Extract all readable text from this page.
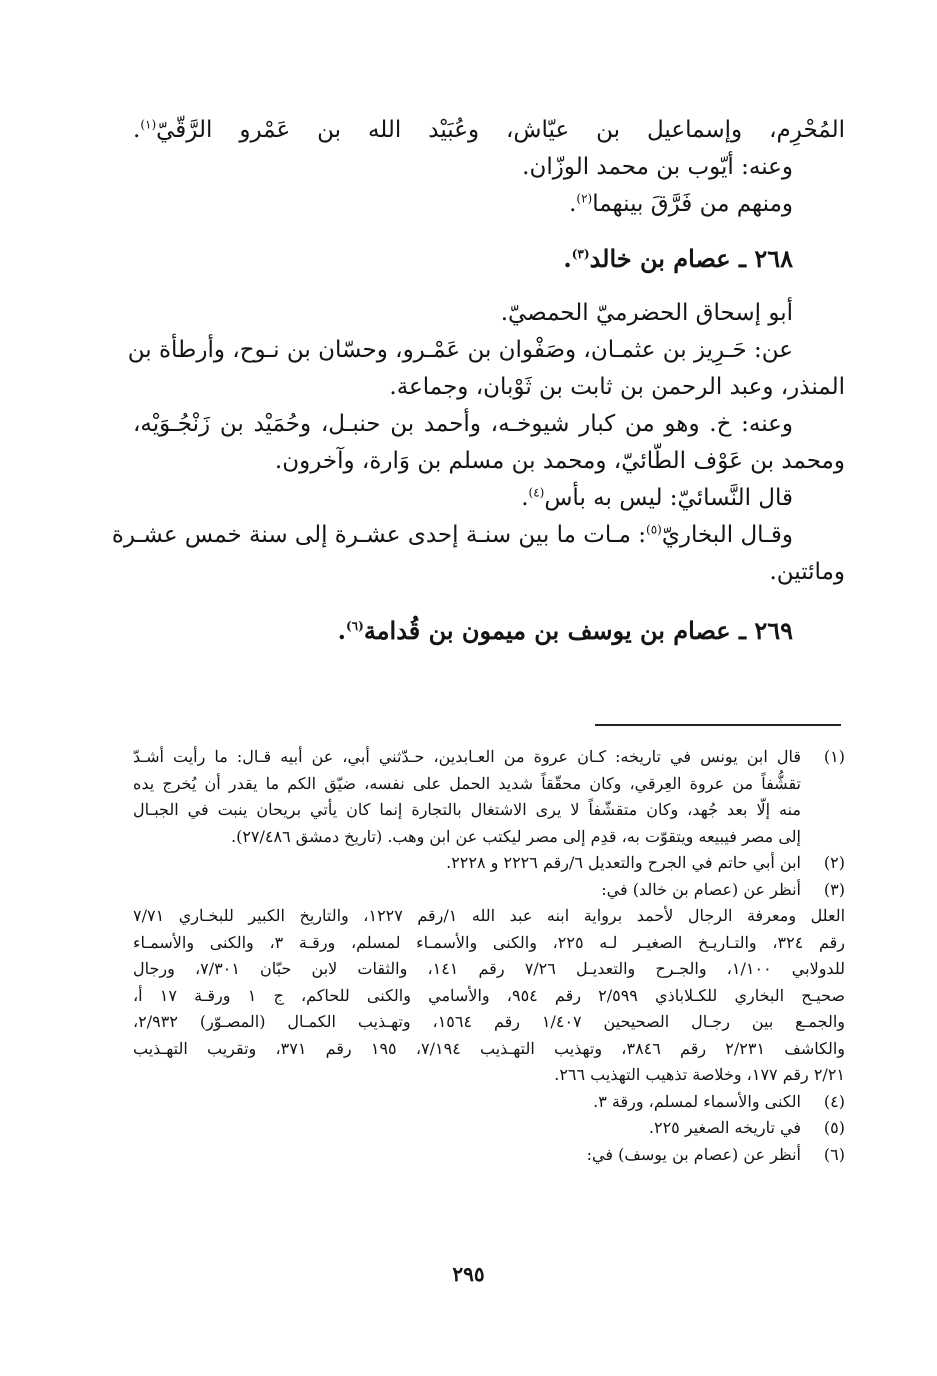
المُحْرِم، وإسماعيل بن عيّاش، وعُبَيْد الله بن عَمْرو الرَّقّيّ$^{(١)}$.
وعنه: أيّوب بن محمد الوزّان.
ومنهم من فَرَّقَ بينهما$^{(٢)}$.
٢٦٨ ـ عصام بن خالد$^{(٣)}$.
أبو إسحاق الحضرميّ الحمصيّ.
عن: حَـرِيز بن عثمـان، وصَفْوان بن عَمْـرو، وحسّان بن نـوح، وأرطأة بن
المنذر، وعبد الرحمن بن ثابت بن ثَوْبان، وجماعة.
وعنه: خ. وهو من كبار شيوخـه، وأحمد بن حنبـل، وحُمَيْد بن زَنْجُـوَيْه،
ومحمد بن عَوْف الطّائيّ، ومحمد بن مسلم بن وَارة، وآخرون.
قال النَّسائيّ: ليس به بأس$^{(٤)}$.
وقـال البخاريّ$^{(٥)}$: مـات ما بين سنـة إحدى عشـرة إلى سنة خمس عشـرة
ومائتين.
٢٦٩ ـ عصام بن يوسف بن ميمون بن قُدامة$^{(٦)}$.
(١)
قال ابن يونس في تاريخه: كـان عروة من العـابدين، حـدّثني أبي، عن أبيه قـال: ما رأيت أشـدّ
تقشُّفاً من عروة العِرقي، وكان محقّقاً شديد الحمل على نفسه، ضيّق الكم ما يقدر أن يُخرج يده
منه إلّا بعد جُهد، وكان متقشّفاً لا يرى الاشتغال بالتجارة إنما كان يأتي بريحان ينبت في الجبـال
إلى مصر فيبيعه ويتقوّت به، قدِم إلى مصر ليكتب عن ابن وهب. (تاريخ دمشق ٢٧/٤٨٦).
(٢)
ابن أبي حاتم في الجرح والتعديل ٦/رقم ٢٢٢٦ و ٢٢٢٨.
(٣)
أنظر عن (عصام بن خالد) في:
العلل ومعرفة الرجال لأحمد برواية ابنه عبد الله ١/رقم ١٢٢٧، والتاريخ الكبير للبخـاري ٧/٧١
رقم ٣٢٤، والتـاريـخ الصغيـر لـه ٢٢٥، والكنى والأسمـاء لمسلم، ورقـة ٣، والكنى والأسمـاء
للدولابي ١/١٠٠، والجـرح والتعديـل ٧/٢٦ رقم ١٤١، والثقات لابن حبّان ٧/٣٠١، ورجال
صحيـح البخاري للكـلاباذي ٢/٥٩٩ رقم ٩٥٤، والأسامي والكنى للحاكم، ج ١ ورقـة ١٧ أ،
والجمـع بين رجـال الصحيحين ١/٤٠٧ رقم ١٥٦٤، وتهـذيب الكمـال (المصـوّر) ٢/٩٣٢،
والكاشف ٢/٢٣١ رقم ٣٨٤٦، وتهذيب التهـذيب ٧/١٩٤، ١٩٥ رقم ٣٧١، وتقريب التهـذيب
٢/٢١ رقم ١٧٧، وخلاصة تذهيب التهذيب ٢٦٦.
(٤)
الكنى والأسماء لمسلم، ورقة ٣.
(٥)
في تاريخه الصغير ٢٢٥.
(٦)
أنظر عن (عصام بن يوسف) في:
٢٩٥
